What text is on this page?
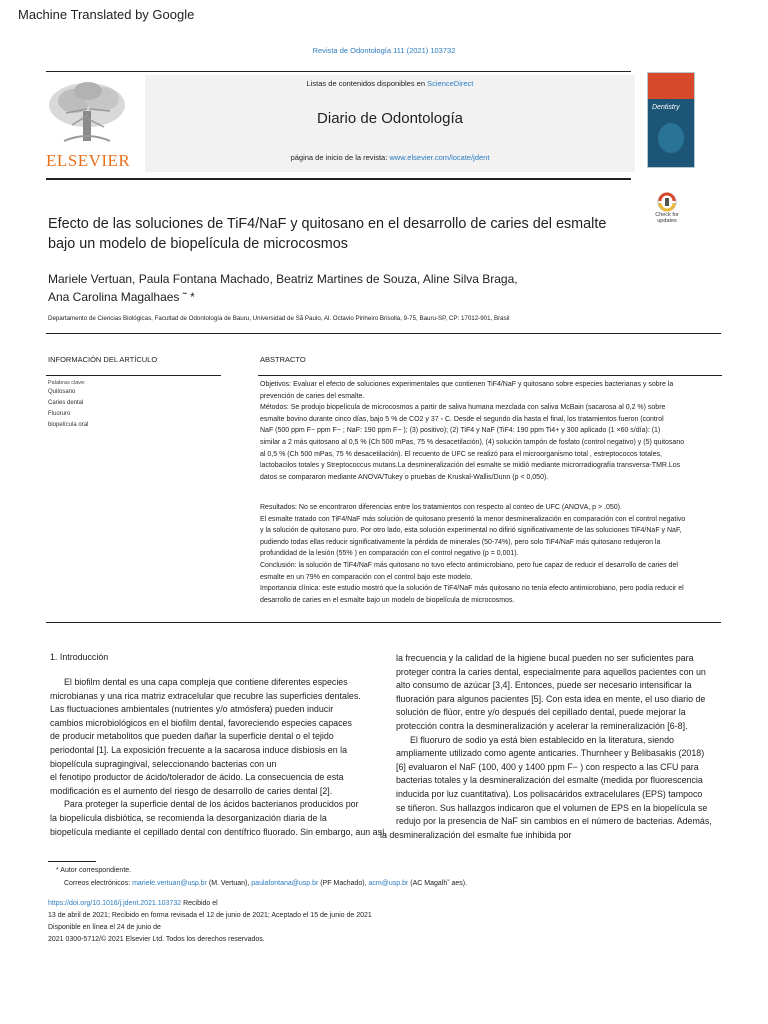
Machine Translated by Google
Revista de Odontología 111 (2021) 103732
ELSEVIER
Listas de contenidos disponibles en ScienceDirect
Diario de Odontología
página de inicio de la revista: www.elsevier.com/locate/jdent
Dentistry
Check for updates
Efecto de las soluciones de TiF4/NaF y quitosano en el desarrollo de caries del esmalte
bajo un modelo de biopelícula de microcosmos
Mariele Vertuan, Paula Fontana Machado, Beatriz Martines de Souza, Aline Silva Braga,
Ana Carolina Magalhaes ˜ *
Departamento de Ciencias Biológicas, Facultad de Odontología de Bauru, Universidad de Sã Paulo, Al. Octavio Pinheiro Brisolla, 9-75, Bauru-SP, CP: 17012-901, Brasil
INFORMACIÓN DEL ARTÍCULO
Palabras clave:
Quitosano
Caries dental
Fluoruro
biopelícula oral
ABSTRACTO
Objetivos: Evaluar el efecto de soluciones experimentales que contienen TiF4/NaF y quitosano sobre especies bacterianas y sobre la
prevención de caries del esmalte.
Métodos: Se produjo biopelícula de microcosmos a partir de saliva humana mezclada con saliva McBain (sacarosa al 0,2 %) sobre
esmalte bovino durante cinco días, bajo 5 % de CO2 y 37 ◦ C. Desde el segundo día hasta el final, los tratamientos fueron (control
NaF (500 ppm F− ppm F− ; NaF: 190 ppm F− ); (3) positivo); (2) TiF4 y NaF (TiF4: 190 ppm Ti4+ y 300 aplicado (1 ×60 s/día): (1)
similar a 2 más quitosano al 0,5 % (Ch 500 mPas, 75 % desacetilación), (4) solución tampón de fosfato (control negativo) y (5) quitosano
al 0,5 % (Ch 500 mPas, 75 % desacetilación). El recuento de UFC se realizó para el microorganismo total , estreptococos totales,
lactobacilos totales y Streptococcus mutans.La desmineralización del esmalte se midió mediante microrradiografía transversa-TMR.Los
datos se compararon mediante ANOVA/Tukey o pruebas de Kruskal-Wallis/Dunn (p < 0,050).
Resultados: No se encontraron diferencias entre los tratamientos con respecto al conteo de UFC (ANOVA, p > .050).
El esmalte tratado con TiF4/NaF más solución de quitosano presentó la menor desmineralización en comparación con el control negativo
y la solución de quitosano puro. Por otro lado, esta solución experimental no difirió significativamente de las soluciones TiF4/NaF y NaF,
pudiendo todas ellas reducir significativamente la pérdida de minerales (50-74%), pero solo TiF4/NaF más quitosano redujeron la
profundidad de la lesión (55% ) en comparación con el control negativo (p = 0,001).
Conclusión: la solución de TiF4/NaF más quitosano no tuvo efecto antimicrobiano, pero fue capaz de reducir el desarrollo de caries del
esmalte en un 79% en comparación con el control bajo este modelo.
Importancia clínica: este estudio mostró que la solución de TiF4/NaF más quitosano no tenía efecto antimicrobiano, pero podía reducir el
desarrollo de caries en el esmalte bajo un modelo de biopelícula de microcosmos.
1. Introducción
El biofilm dental es una capa compleja que contiene diferentes especies
microbianas y una rica matriz extracelular que recubre las superficies dentales.
Las fluctuaciones ambientales (nutrientes y/o atmósfera) pueden inducir
cambios microbiológicos en el biofilm dental, favoreciendo especies capaces
de producir metabolitos que pueden dañar la superficie dental o el tejido
periodontal [1]. La exposición frecuente a la sacarosa induce disbiosis en la
biopelícula supragingival, seleccionando bacterias con un
el fenotipo productor de ácido/tolerador de ácido. La consecuencia de esta
modificación es el aumento del riesgo de desarrollo de caries dental [2].
Para proteger la superficie dental de los ácidos bacterianos producidos por
la biopelícula disbiótica, se recomienda la desorganización diaria de la
biopelícula mediante el cepillado dental con dentífrico fluorado. Sin embargo, aun así,
la frecuencia y la calidad de la higiene bucal pueden no ser suficientes para
proteger contra la caries dental, especialmente para aquellos pacientes con un
alto consumo de azúcar [3,4]. Entonces, puede ser necesario intensificar la
fluoración para algunos pacientes [5]. Con esta idea en mente, el uso diario de
solución de flúor, entre y/o después del cepillado dental, puede mejorar la
protección contra la desmineralización y acelerar la remineralización [6-8].
El fluoruro de sodio ya está bien establecido en la literatura, siendo
ampliamente utilizado como agente anticaries. Thurnheer y Belibasakis (2018)
[6] evaluaron el NaF (100, 400 y 1400 ppm F− ) con respecto a las CFU para
bacterias totales y la desmineralización del esmalte (medida por fluorescencia
inducida por luz cuantitativa). Los polisacáridos extracelulares (EPS) tampoco
se tiñeron. Sus hallazgos indicaron que el volumen de EPS en la biopelícula se
redujo por la presencia de NaF sin cambios en el número de bacterias. Además,
la desmineralización del esmalte fue inhibida por
* Autor correspondiente.
Correos electrónicos: mariele.vertuan@usp.br (M. Vertuan), paulafontana@usp.br (PF Machado), acm@usp.br (AC Magalh˜ aes).
https://doi.org/10.1016/j.jdent.2021.103732 Recibido el
13 de abril de 2021; Recibido en forma revisada el 12 de junio de 2021; Aceptado el 15 de junio de 2021
Disponible en línea el 24 de junio de
2021 0300-5712/© 2021 Elsevier Ltd. Todos los derechos reservados.
